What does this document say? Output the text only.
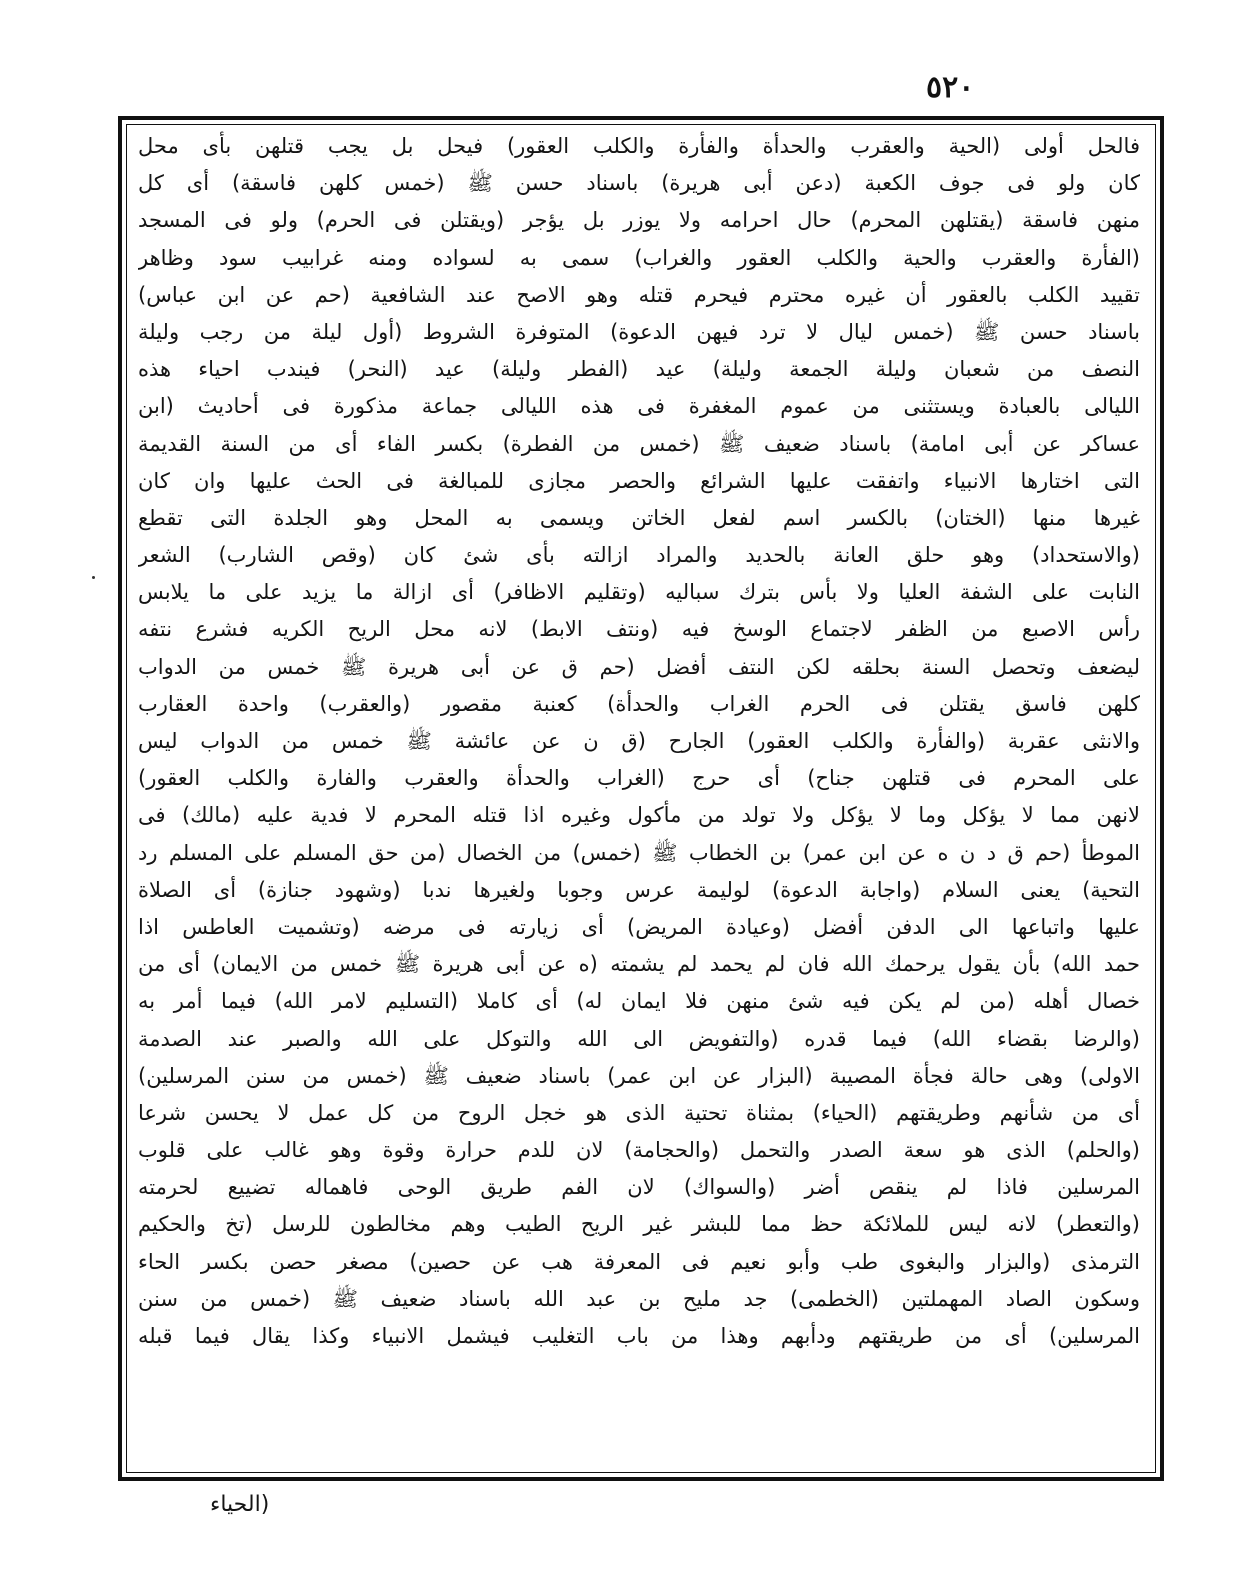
٥٢٠
فالحل أولى (الحية والعقرب والحدأة والفأرة والكلب العقور) فيحل بل يجب قتلهن بأى محل
كان ولو فى جوف الكعبة (دعن أبى هريرة) باسناد حسن ﷺ (خمس كلهن فاسقة) أى كل
منهن فاسقة (يقتلهن المحرم) حال احرامه ولا يوزر بل يؤجر (ويقتلن فى الحرم) ولو فى المسجد
(الفأرة والعقرب والحية والكلب العقور والغراب) سمى به لسواده ومنه غرابيب سود وظاهر
تقييد الكلب بالعقور أن غيره محترم فيحرم قتله وهو الاصح عند الشافعية (حم عن ابن عباس)
باسناد حسن ﷺ (خمس ليال لا ترد فيهن الدعوة) المتوفرة الشروط (أول ليلة من رجب وليلة
النصف من شعبان وليلة الجمعة وليلة) عيد (الفطر وليلة) عيد (النحر) فيندب احياء هذه
الليالى بالعبادة ويستثنى من عموم المغفرة فى هذه الليالى جماعة مذكورة فى أحاديث (ابن
عساكر عن أبى امامة) باسناد ضعيف ﷺ (خمس من الفطرة) بكسر الفاء أى من السنة القديمة
التى اختارها الانبياء واتفقت عليها الشرائع والحصر مجازى للمبالغة فى الحث عليها وان كان
غيرها منها (الختان) بالكسر اسم لفعل الخاتن ويسمى به المحل وهو الجلدة التى تقطع
(والاستحداد) وهو حلق العانة بالحديد والمراد ازالته بأى شئ كان (وقص الشارب) الشعر
النابت على الشفة العليا ولا بأس بترك سباليه (وتقليم الاظافر) أى ازالة ما يزيد على ما يلابس
رأس الاصبع من الظفر لاجتماع الوسخ فيه (ونتف الابط) لانه محل الريح الكريه فشرع نتفه
ليضعف وتحصل السنة بحلقه لكن النتف أفضل (حم ق عن أبى هريرة ﷺ خمس من الدواب
كلهن فاسق يقتلن فى الحرم الغراب والحدأة) كعنبة مقصور (والعقرب) واحدة العقارب
والانثى عقربة (والفأرة والكلب العقور) الجارح (ق ن عن عائشة ﷺ خمس من الدواب ليس
على المحرم فى قتلهن جناح) أى حرج (الغراب والحدأة والعقرب والفارة والكلب العقور)
لانهن مما لا يؤكل وما لا يؤكل ولا تولد من مأكول وغيره اذا قتله المحرم لا فدية عليه (مالك) فى
الموطأ (حم ق د ن ه عن ابن عمر) بن الخطاب ﷺ (خمس) من الخصال (من حق المسلم على المسلم رد
التحية) يعنى السلام (واجابة الدعوة) لوليمة عرس وجوبا ولغيرها ندبا (وشهود جنازة) أى الصلاة
عليها واتباعها الى الدفن أفضل (وعيادة المريض) أى زيارته فى مرضه (وتشميت العاطس اذا
حمد الله) بأن يقول يرحمك الله فان لم يحمد لم يشمته (ه عن أبى هريرة ﷺ خمس من الايمان) أى من
خصال أهله (من لم يكن فيه شئ منهن فلا ايمان له) أى كاملا (التسليم لامر الله) فيما أمر به
(والرضا بقضاء الله) فيما قدره (والتفويض الى الله والتوكل على الله والصبر عند الصدمة
الاولى) وهى حالة فجأة المصيبة (البزار عن ابن عمر) باسناد ضعيف ﷺ (خمس من سنن المرسلين)
أى من شأنهم وطريقتهم (الحياء) بمثناة تحتية الذى هو خجل الروح من كل عمل لا يحسن شرعا
(والحلم) الذى هو سعة الصدر والتحمل (والحجامة) لان للدم حرارة وقوة وهو غالب على قلوب
المرسلين فاذا لم ينقص أضر (والسواك) لان الفم طريق الوحى فاهماله تضييع لحرمته
(والتعطر) لانه ليس للملائكة حظ مما للبشر غير الريح الطيب وهم مخالطون للرسل (تخ والحكيم
الترمذى (والبزار والبغوى طب وأبو نعيم فى المعرفة هب عن حصين) مصغر حصن بكسر الحاء
وسكون الصاد المهملتين (الخطمى) جد مليح بن عبد الله باسناد ضعيف ﷺ (خمس من سنن
المرسلين) أى من طريقتهم ودأبهم وهذا من باب التغليب فيشمل الانبياء وكذا يقال فيما قبله
(الحياء
